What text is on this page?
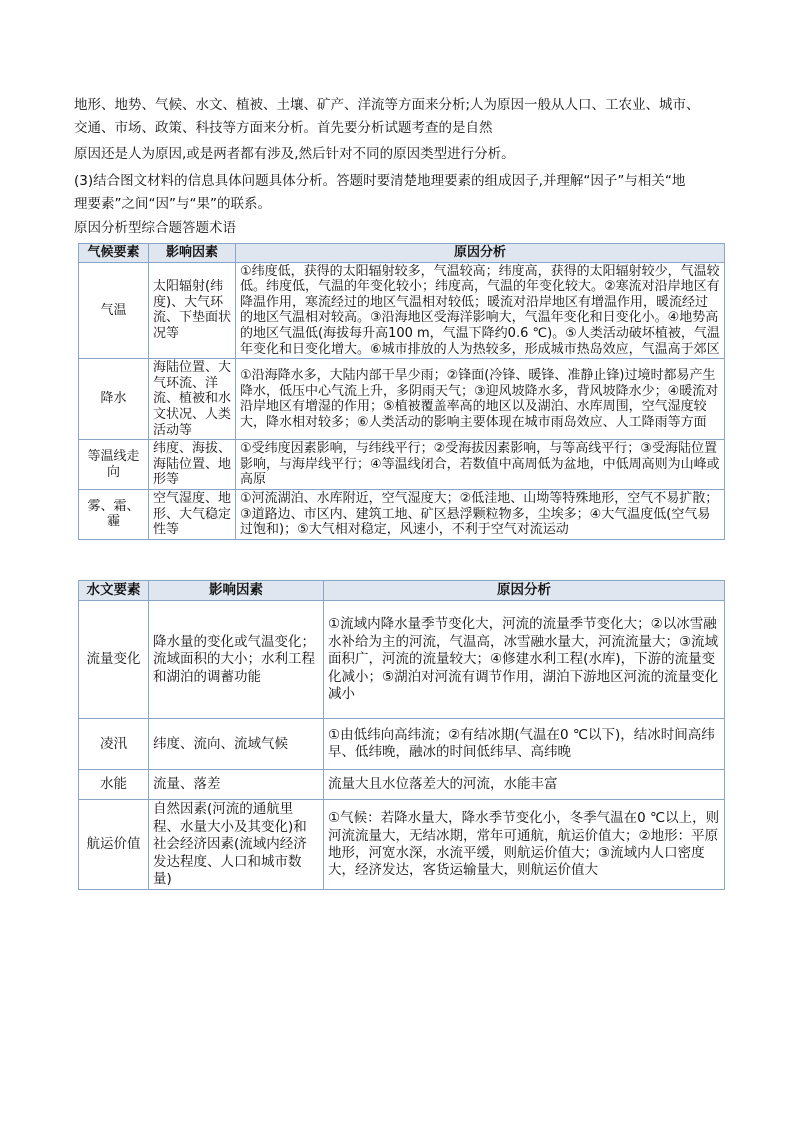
地形、地势、气候、水文、植被、土壤、矿产、洋流等方面来分析;人为原因一般从人口、工农业、城市、

交通、市场、政策、科技等方面来分析。首先要分析试题考查的是自然

原因还是人为原因,或是两者都有涉及,然后针对不同的原因类型进行分析。

(3)结合图文材料的信息具体问题具体分析。答题时要清楚地理要素的组成因子,并理解“因子”与相关“地

理要素”之间“因”与“果”的联系。

原因分析型综合题答题术语

气候要素	影响因素	原因分析
气温	太阳辐射(纬度)、大气环流、下垫面状况等	①纬度低，获得的太阳辐射较多，气温较高；纬度高，获得的太阳辐射较少，气温较低。纬度低，气温的年变化较小；纬度高，气温的年变化较大。②寒流对沿岸地区有降温作用，寒流经过的地区气温相对较低；暖流对沿岸地区有增温作用，暖流经过的地区气温相对较高。③沿海地区受海洋影响大，气温年变化和日变化小。④地势高的地区气温低(海拔每升高100 m，气温下降约0.6 ℃)。⑤人类活动破坏植被，气温年变化和日变化增大。⑥城市排放的人为热较多，形成城市热岛效应，气温高于郊区
降水	海陆位置、大气环流、洋流、植被和水文状况、人类活动等	①沿海降水多，大陆内部干旱少雨；②锋面(冷锋、暖锋、准静止锋)过境时都易产生降水，低压中心气流上升，多阴雨天气；③迎风坡降水多，背风坡降水少；④暖流对沿岸地区有增湿的作用；⑤植被覆盖率高的地区以及湖泊、水库周围，空气湿度较大，降水相对较多；⑥人类活动的影响主要体现在城市雨岛效应、人工降雨等方面
等温线走向	纬度、海拔、海陆位置、地形等	①受纬度因素影响，与纬线平行；②受海拔因素影响，与等高线平行；③受海陆位置影响，与海岸线平行；④等温线闭合，若数值中高周低为盆地，中低周高则为山峰或高原
雾、霜、霾	空气湿度、地形、大气稳定性等	①河流湖泊、水库附近，空气湿度大；②低洼地、山坳等特殊地形，空气不易扩散；③道路边、市区内、建筑工地、矿区悬浮颗粒物多，尘埃多；④大气温度低(空气易过饱和)；⑤大气相对稳定，风速小，不利于空气对流运动
水文要素	影响因素	原因分析
流量变化	降水量的变化或气温变化；流域面积的大小；水利工程和湖泊的调蓄功能	①流域内降水量季节变化大，河流的流量季节变化大；②以冰雪融水补给为主的河流，气温高，冰雪融水量大，河流流量大；③流域面积广，河流的流量较大；④修建水利工程(水库)，下游的流量变化减小；⑤湖泊对河流有调节作用，湖泊下游地区河流的流量变化减小
凌汛	纬度、流向、流域气候	①由低纬向高纬流；②有结冰期(气温在0 ℃以下)，结冰时间高纬早、低纬晚，融冰的时间低纬早、高纬晚
水能	流量、落差	流量大且水位落差大的河流，水能丰富
航运价值	自然因素(河流的通航里程、水量大小及其变化)和社会经济因素(流域内经济发达程度、人口和城市数量)	①气候：若降水量大，降水季节变化小，冬季气温在0 ℃以上，则河流流量大，无结冰期，常年可通航，航运价值大；②地形：平原地形，河宽水深，水流平缓，则航运价值大；③流域内人口密度大，经济发达，客货运输量大，则航运价值大
